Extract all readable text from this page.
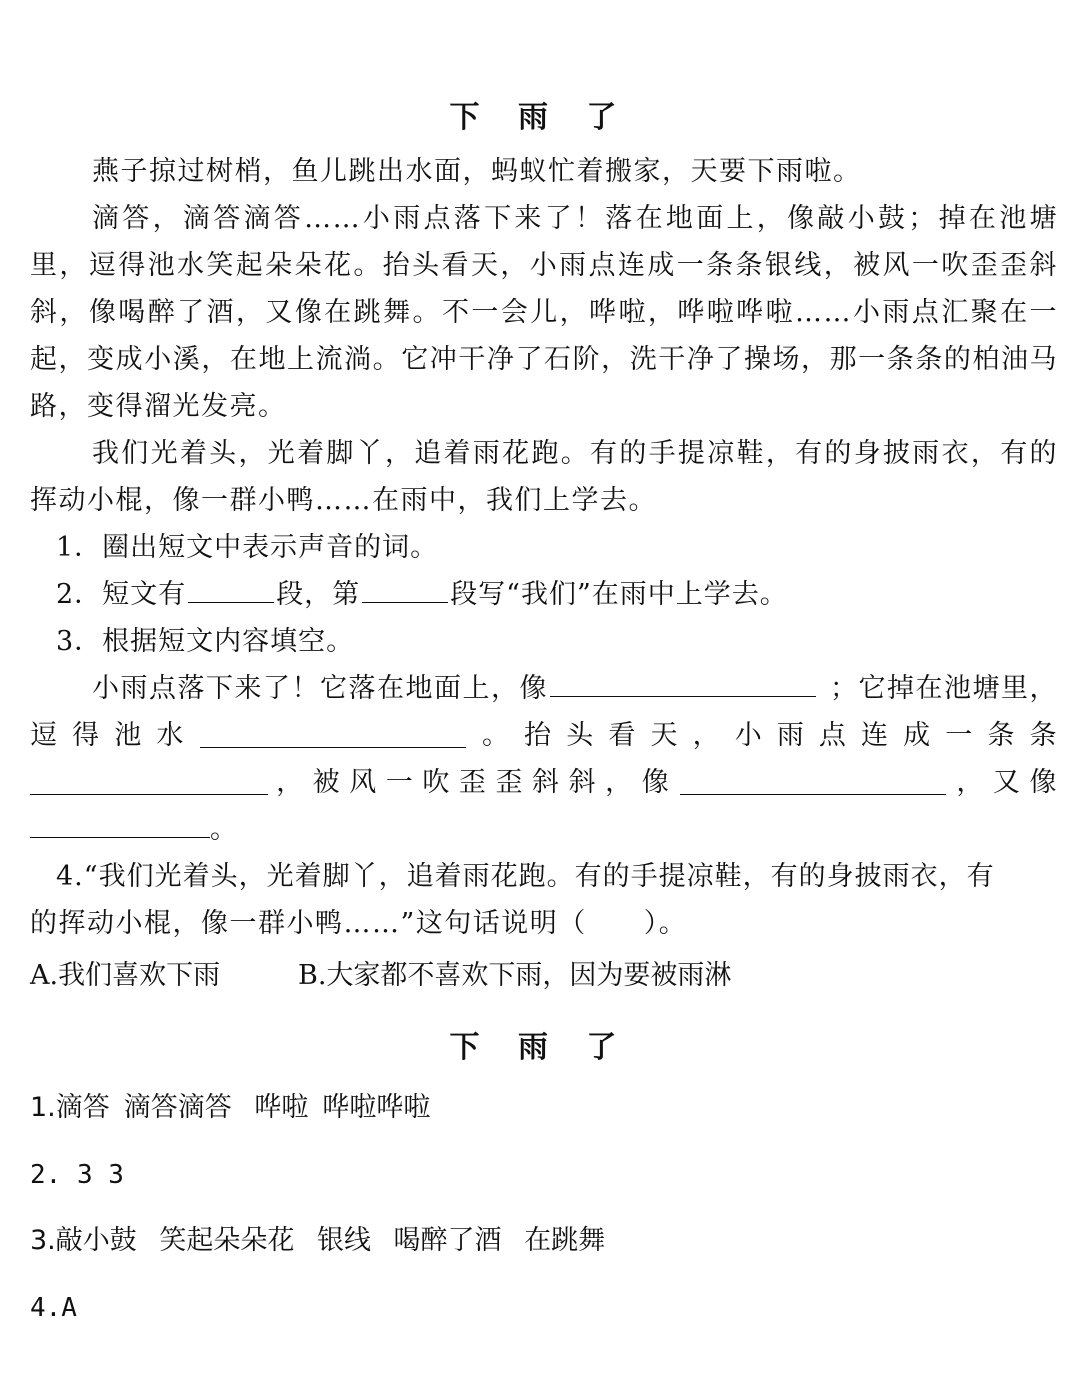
下 雨 了
燕子掠过树梢，鱼儿跳出水面，蚂蚁忙着搬家，天要下雨啦。
滴答，滴答滴答……小雨点落下来了！落在地面上，像敲小鼓；掉在池塘里，逗得池水笑起朵朵花。抬头看天，小雨点连成一条条银线，被风一吹歪歪斜斜，像喝醉了酒，又像在跳舞。不一会儿，哗啦，哗啦哗啦……小雨点汇聚在一起，变成小溪，在地上流淌。它冲干净了石阶，洗干净了操场，那一条条的柏油马路，变得溜光发亮。
我们光着头，光着脚丫，追着雨花跑。有的手提凉鞋，有的身披雨衣，有的挥动小棍，像一群小鸭……在雨中，我们上学去。
1．圈出短文中表示声音的词。
2．短文有	段，第	段写“我们”在雨中上学去。
3．根据短文内容填空。
小雨点落下来了！它落在地面上，像	；它掉在池塘里，
逗 得 池 水	。 抬 头 看 天 ， 小 雨 点 连 成 一 条 条
， 被 风 一 吹 歪 歪 斜 斜 ， 像	， 又 像
。
4.“我们光着头，光着脚丫，追着雨花跑。有的手提凉鞋，有的身披雨衣，有
的挥动小棍，像一群小鸭……”这句话说明（　　）。
A.我们喜欢下雨	B.大家都不喜欢下雨，因为要被雨淋
下 雨 了
1.滴答 滴答滴答 哗啦 哗啦哗啦
2. 3 3
3.敲小鼓 笑起朵朵花 银线 喝醉了酒 在跳舞
4.A
